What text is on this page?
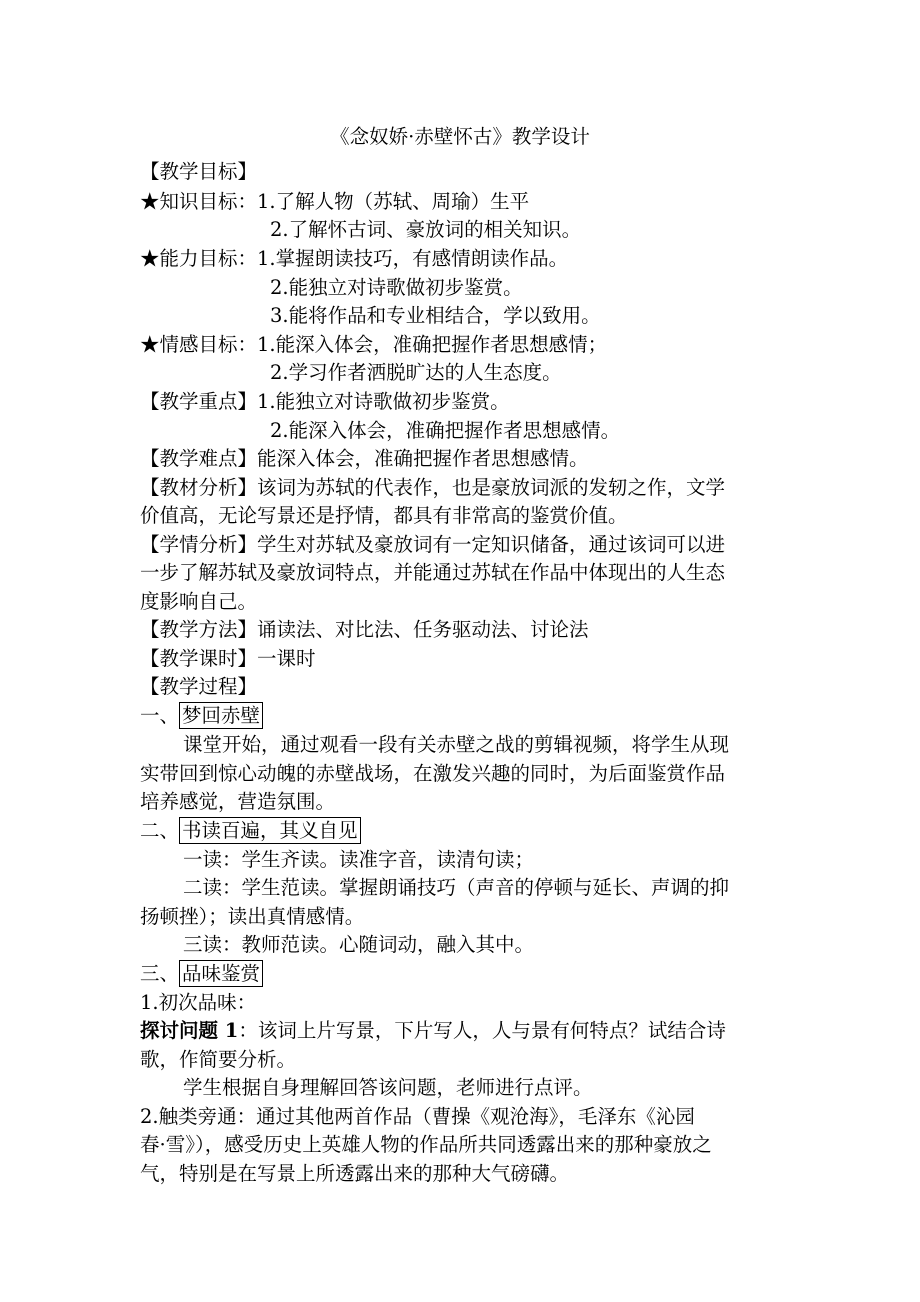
《念奴娇·赤壁怀古》教学设计
【教学目标】
★知识目标：1.了解人物（苏轼、周瑜）生平
2.了解怀古词、豪放词的相关知识。
★能力目标：1.掌握朗读技巧，有感情朗读作品。
2.能独立对诗歌做初步鉴赏。
3.能将作品和专业相结合，学以致用。
★情感目标：1.能深入体会，准确把握作者思想感情；
2.学习作者洒脱旷达的人生态度。
【教学重点】1.能独立对诗歌做初步鉴赏。
2.能深入体会，准确把握作者思想感情。
【教学难点】能深入体会，准确把握作者思想感情。
【教材分析】该词为苏轼的代表作，也是豪放词派的发轫之作，文学
价值高，无论写景还是抒情，都具有非常高的鉴赏价值。
【学情分析】学生对苏轼及豪放词有一定知识储备，通过该词可以进
一步了解苏轼及豪放词特点，并能通过苏轼在作品中体现出的人生态
度影响自己。
【教学方法】诵读法、对比法、任务驱动法、讨论法
【教学课时】一课时
【教学过程】
一、 梦回赤壁
课堂开始，通过观看一段有关赤壁之战的剪辑视频，将学生从现
实带回到惊心动魄的赤壁战场，在激发兴趣的同时，为后面鉴赏作品
培养感觉，营造氛围。
二、 书读百遍，其义自见
一读：学生齐读。读准字音，读清句读；
二读：学生范读。掌握朗诵技巧（声音的停顿与延长、声调的抑
扬顿挫）；读出真情感情。
三读：教师范读。心随词动，融入其中。
三、 品味鉴赏
1.初次品味：
探讨问题 1：该词上片写景，下片写人，人与景有何特点？试结合诗
歌，作简要分析。
学生根据自身理解回答该问题，老师进行点评。
2.触类旁通：通过其他两首作品（曹操《观沧海》，毛泽东《沁园
春·雪》），感受历史上英雄人物的作品所共同透露出来的那种豪放之
气，特别是在写景上所透露出来的那种大气磅礴。
